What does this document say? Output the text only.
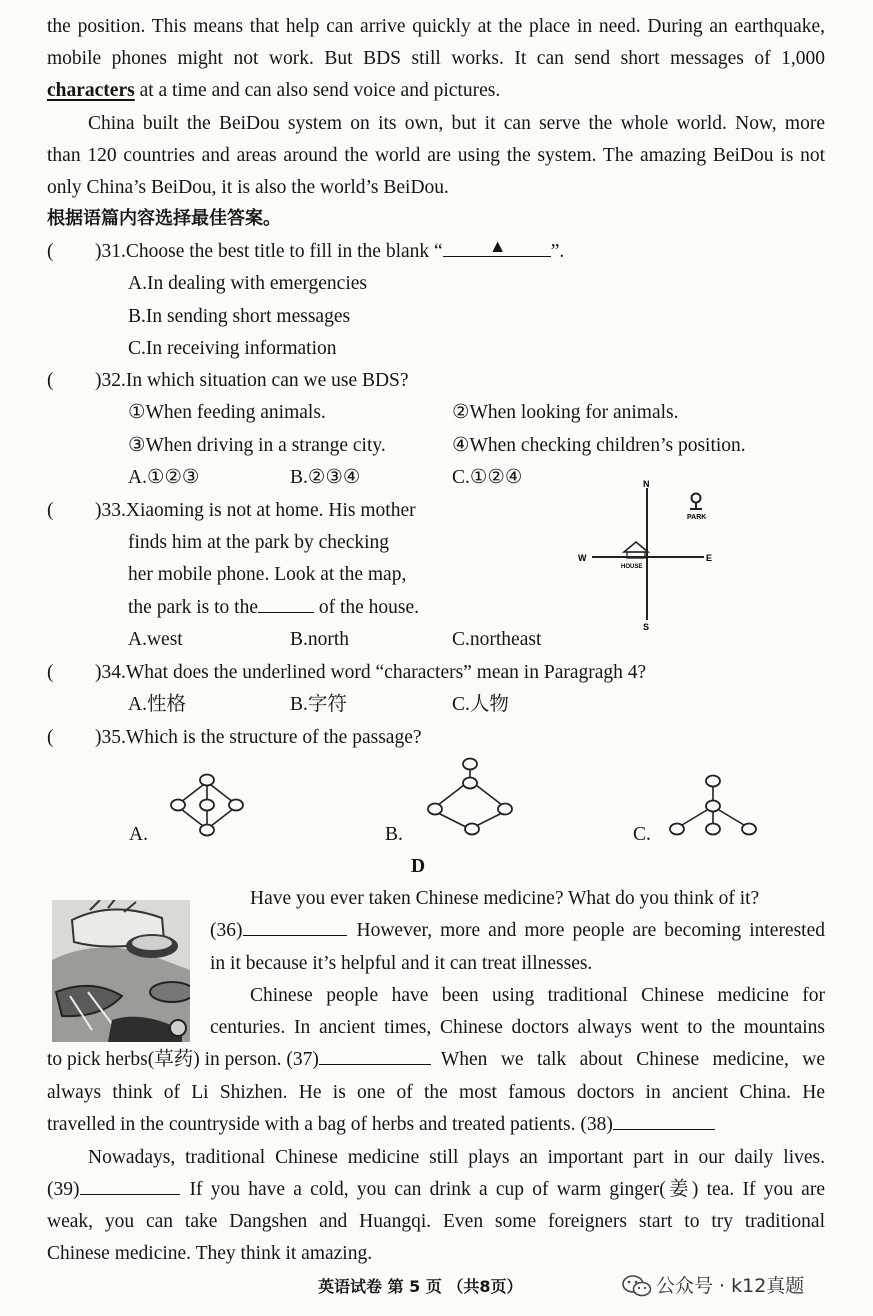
the position. This means that help can arrive quickly at the place in need. During an earthquake,
mobile phones might not work. But BDS still works. It can send short messages of 1,000
characters at a time and can also send voice and pictures.
China built the BeiDou system on its own, but it can serve the whole world. Now, more
than 120 countries and areas around the world are using the system. The amazing BeiDou is not
only China’s BeiDou, it is also the world’s BeiDou.
根据语篇内容选择最佳答案。
( )31.Choose the best title to fill in the blank “	▲ ”.
A.In dealing with emergencies
B.In sending short messages
C.In receiving information
( )32.In which situation can we use BDS?
①When feeding animals.	②When looking for animals.
③When driving in a strange city.	④When checking children’s position.
A.①②③	B.②③④	C.①②④
( )33.Xiaoming is not at home. His mother
finds him at the park by checking
her mobile phone. Look at the map,
the park is to the	of the house.
A.west	B.north	C.northeast
N
S
W	E
HOUSE
PARK
( )34.What does the underlined word “characters” mean in Paragragh 4?
A.性格	B.字符	C.人物
( )35.Which is the structure of the passage?
A.	B.	C.
D
Have you ever taken Chinese medicine? What do you think of it?
(36)	However, more and more people are becoming interested
in it because it’s helpful and it can treat illnesses.
Chinese people have been using traditional Chinese medicine for
centuries. In ancient times, Chinese doctors always went to the mountains
to pick herbs(草药) in person. (37)	When we talk about Chinese medicine, we
always think of Li Shizhen. He is one of the most famous doctors in ancient China. He
travelled in the countryside with a bag of herbs and treated patients. (38)
Nowadays, traditional Chinese medicine still plays an important part in our daily lives.
(39)	If you have a cold, you can drink a cup of warm ginger(姜) tea. If you are
weak, you can take Dangshen and Huangqi. Even some foreigners start to try traditional
Chinese medicine. They think it amazing.
英语试卷 第 5 页 （共8页）	公众号 · k12真题
